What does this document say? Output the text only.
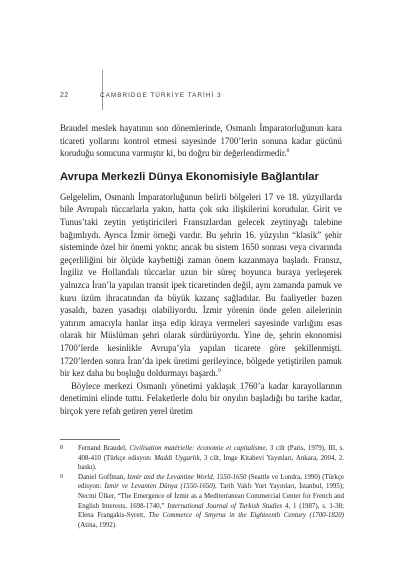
22	CAMBRIDGE TÜRKİYE TARİHİ 3

Braudel meslek hayatının son dönemlerinde, Osmanlı İmparatorluğunun kara ticareti yollarını kontrol etmesi sayesinde 1700’lerin sonuna kadar gücünü koruduğu sonucuna varmıştır ki, bu doğru bir değerlendirmedir.$^8$

Avrupa Merkezli Dünya Ekonomisiyle Bağlantılar

Gelgelelim, Osmanlı İmparatorluğunun belirli bölgeleri 17 ve 18. yüzyıllarda bile Avrupalı tüccarlarla yakın, hatta çok sıkı ilişkilerini korudular. Girit ve Tunus’taki zeytin yetiştiricileri Fransızlardan gelecek zeytinyağı talebine bağımlıydı. Ayrıca İzmir örneği vardır. Bu şehrin 16. yüzyılın “klasik” şehir sisteminde özel bir önemi yoktu; ancak bu sistem 1650 sonrası veya civarında geçerliliğini bir ölçüde kaybettiği zaman önem kazanmaya başladı. Fransız, İngiliz ve Hollandalı tüccarlar uzun bir süreç boyunca buraya yerleşerek yalnızca İran’la yapılan transit ipek ticaretinden değil, aynı zamanda pamuk ve kuru üzüm ihracatından da büyük kazanç sağladılar. Bu faaliyetler bazen yasaldı, bazen yasadışı olabiliyordu. İzmir yörenin önde gelen ailelerinin yatırım amacıyla hanlar inşa edip kiraya vermeleri sayesinde varlığını esas olarak bir Müslüman şehri olarak sürdürüyordu. Yine de, şehrin ekonomisi 1700’lerde kesinlikle Avrupa’yla yapılan ticarete göre şekillenmişti. 1720’lerden sonra İran’da ipek üretimi gerileyince, bölgede yetiştirilen pamuk bir kez daha bu boşluğu doldurmayı başardı.$^9$

Böylece merkezi Osmanlı yönetimi yaklaşık 1760’a kadar karayollarının denetimini elinde tuttu. Felaketlerle dolu bir onyılın başladığı bu tarihe kadar, birçok yere refah getiren yerel üretim

8	Fernand Braudel, Civilisation matérielle: économie et capitalisme, 3 cilt (Paris, 1979), III, s. 408-410 (Türkçe edisyon: Maddi Uygarlık, 3 cilt, İmge Kitabevi Yayınları, Ankara, 2004, 2. baskı).
9	Daniel Goffman, Izmir and the Levantine World, 1550-1650 (Seattle ve Londra, 1990) (Türkçe edisyon: İzmir ve Levanten Dünya (1550-1650), Tarih Vakfı Yurt Yayınları, İstanbul, 1995); Necmi Ülker, “The Emergence of İzmir as a Mediterranean Commercial Center for French and English Interests, 1698-1740,” International Journal of Turkish Studies 4, 1 (1987), s. 1-38; Elena Frangakis-Syrett, The Commerce of Smyrna in the Eighteenth Century (1700-1820) (Atina, 1992).
